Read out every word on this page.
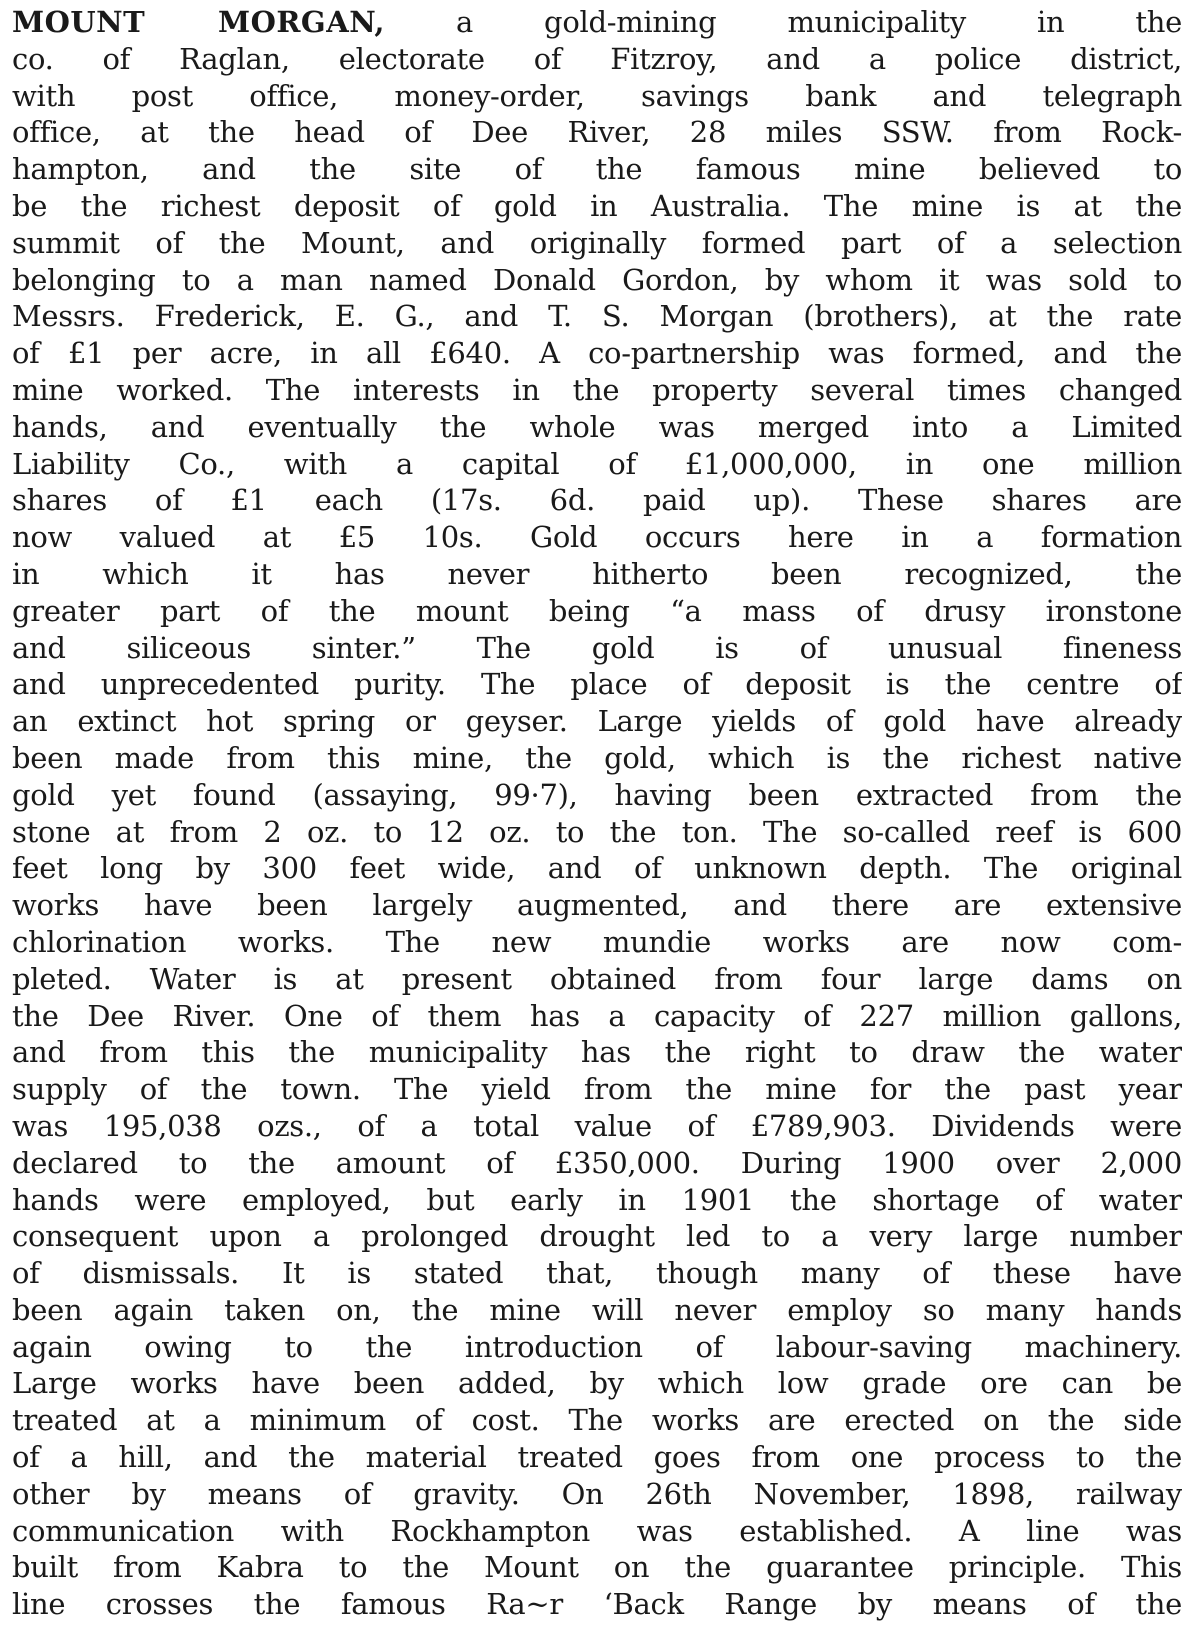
MOUNT MORGAN, a gold-mining municipality in the
co. of Raglan, electorate of Fitzroy, and a police district,
with post office, money-order, savings bank and telegraph
office, at the head of Dee River, 28 miles SSW. from Rock-
hampton, and the site of the famous mine believed to
be the richest deposit of gold in Australia. The mine is at the
summit of the Mount, and originally formed part of a selection
belonging to a man named Donald Gordon, by whom it was sold to
Messrs. Frederick, E. G., and T. S. Morgan (brothers), at the rate
of £1 per acre, in all £640. A co-partnership was formed, and the
mine worked. The interests in the property several times changed
hands, and eventually the whole was merged into a Limited
Liability Co., with a capital of £1,000,000, in one million
shares of £1 each (17s. 6d. paid up). These shares are
now valued at £5 10s. Gold occurs here in a formation
in which it has never hitherto been recognized, the
greater part of the mount being “a mass of drusy ironstone
and siliceous sinter.” The gold is of unusual fineness
and unprecedented purity. The place of deposit is the centre of
an extinct hot spring or geyser. Large yields of gold have already
been made from this mine, the gold, which is the richest native
gold yet found (assaying, 99·7), having been extracted from the
stone at from 2 oz. to 12 oz. to the ton. The so-called reef is 600
feet long by 300 feet wide, and of unknown depth. The original
works have been largely augmented, and there are extensive
chlorination works. The new mundie works are now com-
pleted. Water is at present obtained from four large dams on
the Dee River. One of them has a capacity of 227 million gallons,
and from this the municipality has the right to draw the water
supply of the town. The yield from the mine for the past year
was 195,038 ozs., of a total value of £789,903. Dividends were
declared to the amount of £350,000. During 1900 over 2,000
hands were employed, but early in 1901 the shortage of water
consequent upon a prolonged drought led to a very large number
of dismissals. It is stated that, though many of these have
been again taken on, the mine will never employ so many hands
again owing to the introduction of labour-saving machinery.
Large works have been added, by which low grade ore can be
treated at a minimum of cost. The works are erected on the side
of a hill, and the material treated goes from one process to the
other by means of gravity. On 26th November, 1898, railway
communication with Rockhampton was established. A line was
built from Kabra to the Mount on the guarantee principle. This
line crosses the famous Ra~r ‘Back Range by means of the
